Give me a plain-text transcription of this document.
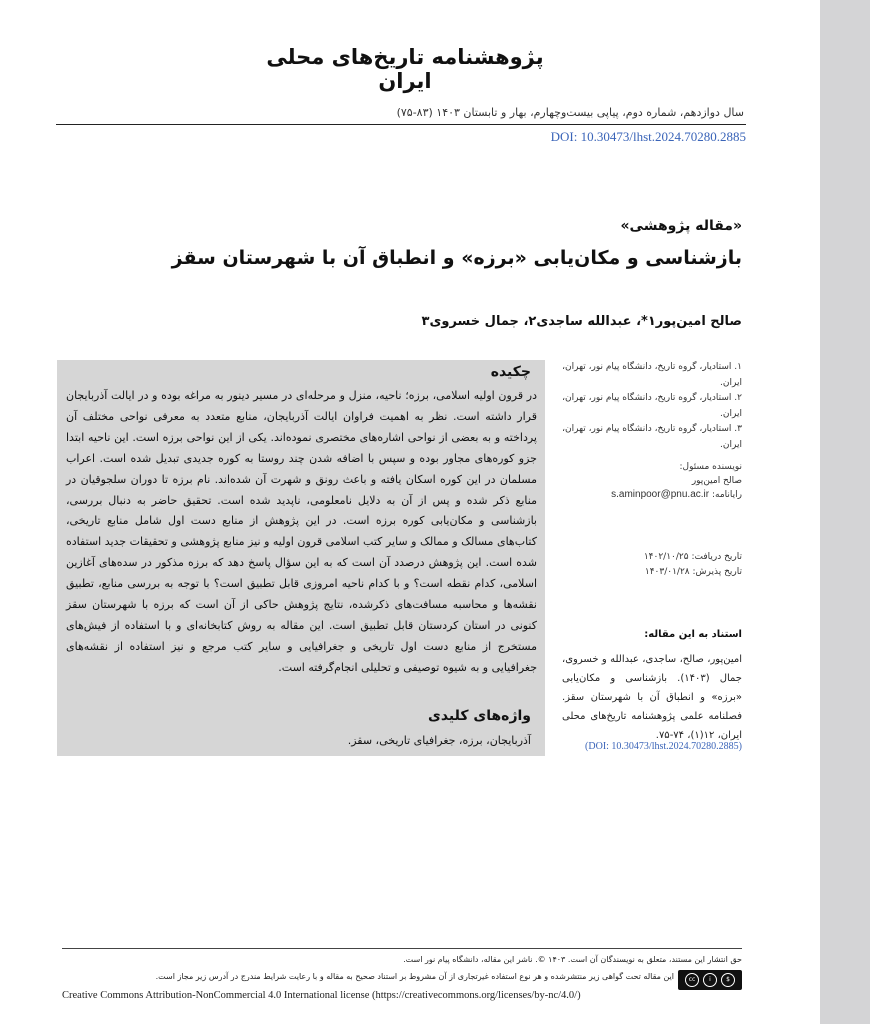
پژوهشنامه تاریخ‌های محلی ایران
سال دوازدهم، شماره دوم، پیاپی بیست‌وچهارم، بهار و تابستان ۱۴۰۳ (۸۳-۷۵)
DOI: 10.30473/lhst.2024.70280.2885
«مقاله پژوهشی»
بازشناسی و مکان‌یابی «برزه» و انطباق آن با شهرستان سقز
صالح امین‌پور١*، عبدالله ساجدی٢، جمال خسروی٣
چکیده
در قرون اولیه اسلامی، برزه؛ ناحیه، منزل و مرحله‌ای در مسیر دینور به مراغه بوده و در ایالت آذربایجان قرار داشته است. نظر به اهمیت فراوان ایالت آذربایجان، منابع متعدد به معرفی نواحی مختلف آن پرداخته و به بعضی از نواحی اشاره‌های مختصری نموده‌اند. یکی از این نواحی برزه است. این ناحیه ابتدا جزو کوره‌های مجاور بوده و سپس با اضافه شدن چند روستا به کوره جدیدی تبدیل شده است. اعراب مسلمان در این کوره اسکان یافته و باعث رونق و شهرت آن شده‌اند. نام برزه تا دوران سلجوقیان در منابع ذکر شده و پس از آن به دلایل نامعلومی، ناپدید شده است. تحقیق حاضر به دنبال بررسی، بازشناسی و مکان‌یابی کوره برزه است. در این پژوهش از منابع دست اول شامل منابع تاریخی، کتاب‌های مسالک و ممالک و سایر کتب اسلامی قرون اولیه و نیز منابع پژوهشی و تحقیقات جدید استفاده شده است. این پژوهش درصدد آن است که به این سؤال پاسخ دهد که برزه مذکور در سده‌های آغازین اسلامی، کدام نقطه است؟ و با کدام ناحیه امروزی قابل تطبیق است؟ با توجه به بررسی منابع، تطبیق نقشه‌ها و محاسبه مسافت‌های ذکرشده، نتایج پژوهش حاکی از آن است که برزه با شهرستان سقز کنونی در استان کردستان قابل تطبیق است. این مقاله به روش کتابخانه‌ای و با استفاده از فیش‌های مستخرج از منابع دست اول تاریخی و جغرافیایی و سایر کتب مرجع و نیز استفاده از نقشه‌های جغرافیایی و به شیوه توصیفی و تحلیلی انجام‌گرفته است.
واژه‌های کلیدی
آذربایجان، برزه، جغرافیای تاریخی، سقز.
۱. استادیار، گروه تاریخ، دانشگاه پیام نور، تهران، ایران.
۲. استادیار، گروه تاریخ، دانشگاه پیام نور، تهران، ایران.
۳. استادیار، گروه تاریخ، دانشگاه پیام نور، تهران، ایران.
نویسنده مسئول:
صالح امین‌پور
رایانامه: s.aminpoor@pnu.ac.ir
تاریخ دریافت: ۱۴۰۲/۱۰/۲۵
تاریخ پذیرش: ۱۴۰۳/۰۱/۲۸
استناد به این مقاله:
امین‌پور، صالح، ساجدی، عبدالله و خسروی، جمال (۱۴۰۳). بازشناسی و مکان‌یابی «برزه» و انطباق آن با شهرستان سقز. فصلنامه علمی پژوهشنامه تاریخ‌های محلی ایران، ۱۲(۱)، ۷۴-۷۵.
(DOI: 10.30473/lhst.2024.70280.2885)
حق انتشار این مستند، متعلق به نویسندگان آن است. ۱۴۰۳ ©. ناشر این مقاله، دانشگاه پیام نور است.
این مقاله تحت گواهی زیر منتشرشده و هر نوع استفاده غیرتجاری از آن مشروط بر استناد صحیح به مقاله و با رعایت شرایط مندرج در آدرس زیر مجاز است.	cc	i	$
Creative Commons Attribution-NonCommercial 4.0 International license (https://creativecommons.org/licenses/by-nc/4.0/)
